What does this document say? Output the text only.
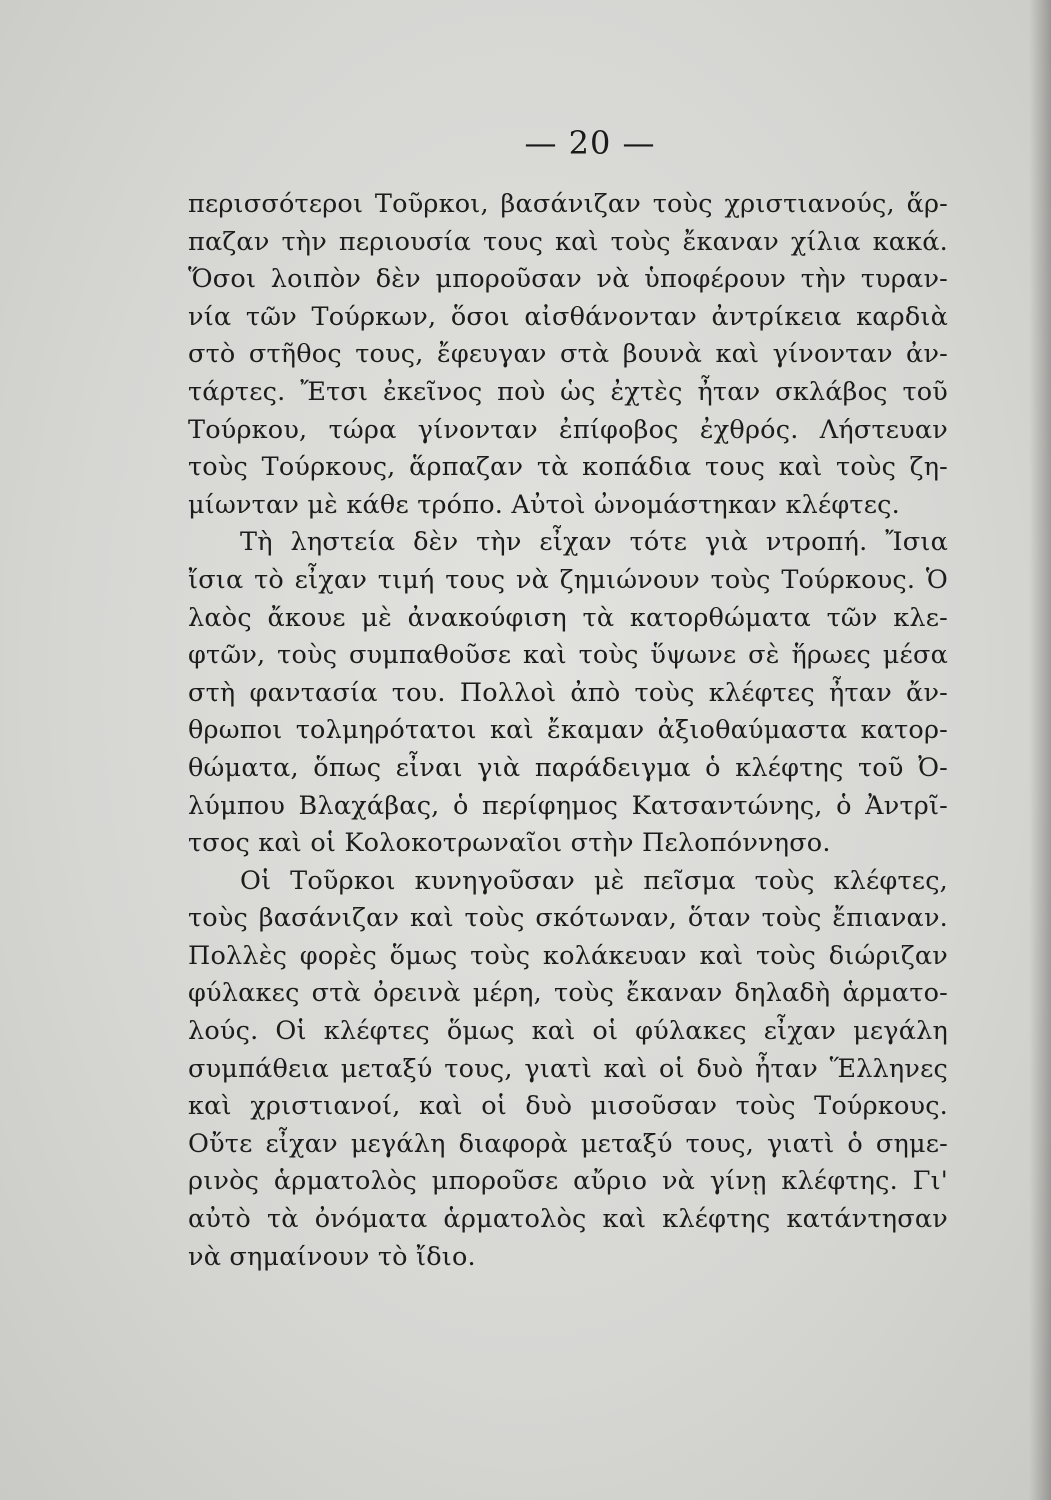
— 20 —
περισσότεροι Τοῦρκοι, βασάνιζαν τοὺς χριστιανούς, ἅρ-
παζαν τὴν περιουσία τους καὶ τοὺς ἔκαναν χίλια κακά.
Ὅσοι λοιπὸν δὲν μποροῦσαν νὰ ὑποφέρουν τὴν τυραν-
νία τῶν Τούρκων, ὅσοι αἰσθάνονταν ἀντρίκεια καρδιὰ
στὸ στῆθος τους, ἔφευγαν στὰ βουνὰ καὶ γίνονταν ἀν-
τάρτες. Ἔτσι ἐκεῖνος ποὺ ὡς ἐχτὲς ἦταν σκλάβος τοῦ
Τούρκου, τώρα γίνονταν ἐπίφοβος ἐχθρός. Λήστευαν
τοὺς Τούρκους, ἅρπαζαν τὰ κοπάδια τους καὶ τοὺς ζη-
μίωνταν μὲ κάθε τρόπο. Αὐτοὶ ὠνομάστηκαν κλέφτες.
Τὴ ληστεία δὲν τὴν εἶχαν τότε γιὰ ντροπή. Ἴσια
ἴσια τὸ εἶχαν τιμή τους νὰ ζημιώνουν τοὺς Τούρκους. Ὁ
λαὸς ἄκουε μὲ ἀνακούφιση τὰ κατορθώματα τῶν κλε-
φτῶν, τοὺς συμπαθοῦσε καὶ τοὺς ὕψωνε σὲ ἥρωες μέσα
στὴ φαντασία του. Πολλοὶ ἀπὸ τοὺς κλέφτες ἦταν ἄν-
θρωποι τολμηρότατοι καὶ ἔκαμαν ἀξιοθαύμαστα κατορ-
θώματα, ὅπως εἶναι γιὰ παράδειγμα ὁ κλέφτης τοῦ Ὀ-
λύμπου Βλαχάβας, ὁ περίφημος Κατσαντώνης, ὁ Ἀντρῖ-
τσος καὶ οἱ Κολοκοτρωναῖοι στὴν Πελοπόννησο.
Οἱ Τοῦρκοι κυνηγοῦσαν μὲ πεῖσμα τοὺς κλέφτες,
τοὺς βασάνιζαν καὶ τοὺς σκότωναν, ὅταν τοὺς ἔπιαναν.
Πολλὲς φορὲς ὅμως τοὺς κολάκευαν καὶ τοὺς διώριζαν
φύλακες στὰ ὀρεινὰ μέρη, τοὺς ἔκαναν δηλαδὴ ἁρματο-
λούς. Οἱ κλέφτες ὅμως καὶ οἱ φύλακες εἶχαν μεγάλη
συμπάθεια μεταξύ τους, γιατὶ καὶ οἱ δυὸ ἦταν Ἕλληνες
καὶ χριστιανοί, καὶ οἱ δυὸ μισοῦσαν τοὺς Τούρκους.
Οὔτε εἶχαν μεγάλη διαφορὰ μεταξύ τους, γιατὶ ὁ σημε-
ρινὸς ἁρματολὸς μποροῦσε αὔριο νὰ γίνῃ κλέφτης. Γι'
αὐτὸ τὰ ὀνόματα ἁρματολὸς καὶ κλέφτης κατάντησαν
νὰ σημαίνουν τὸ ἴδιο.
